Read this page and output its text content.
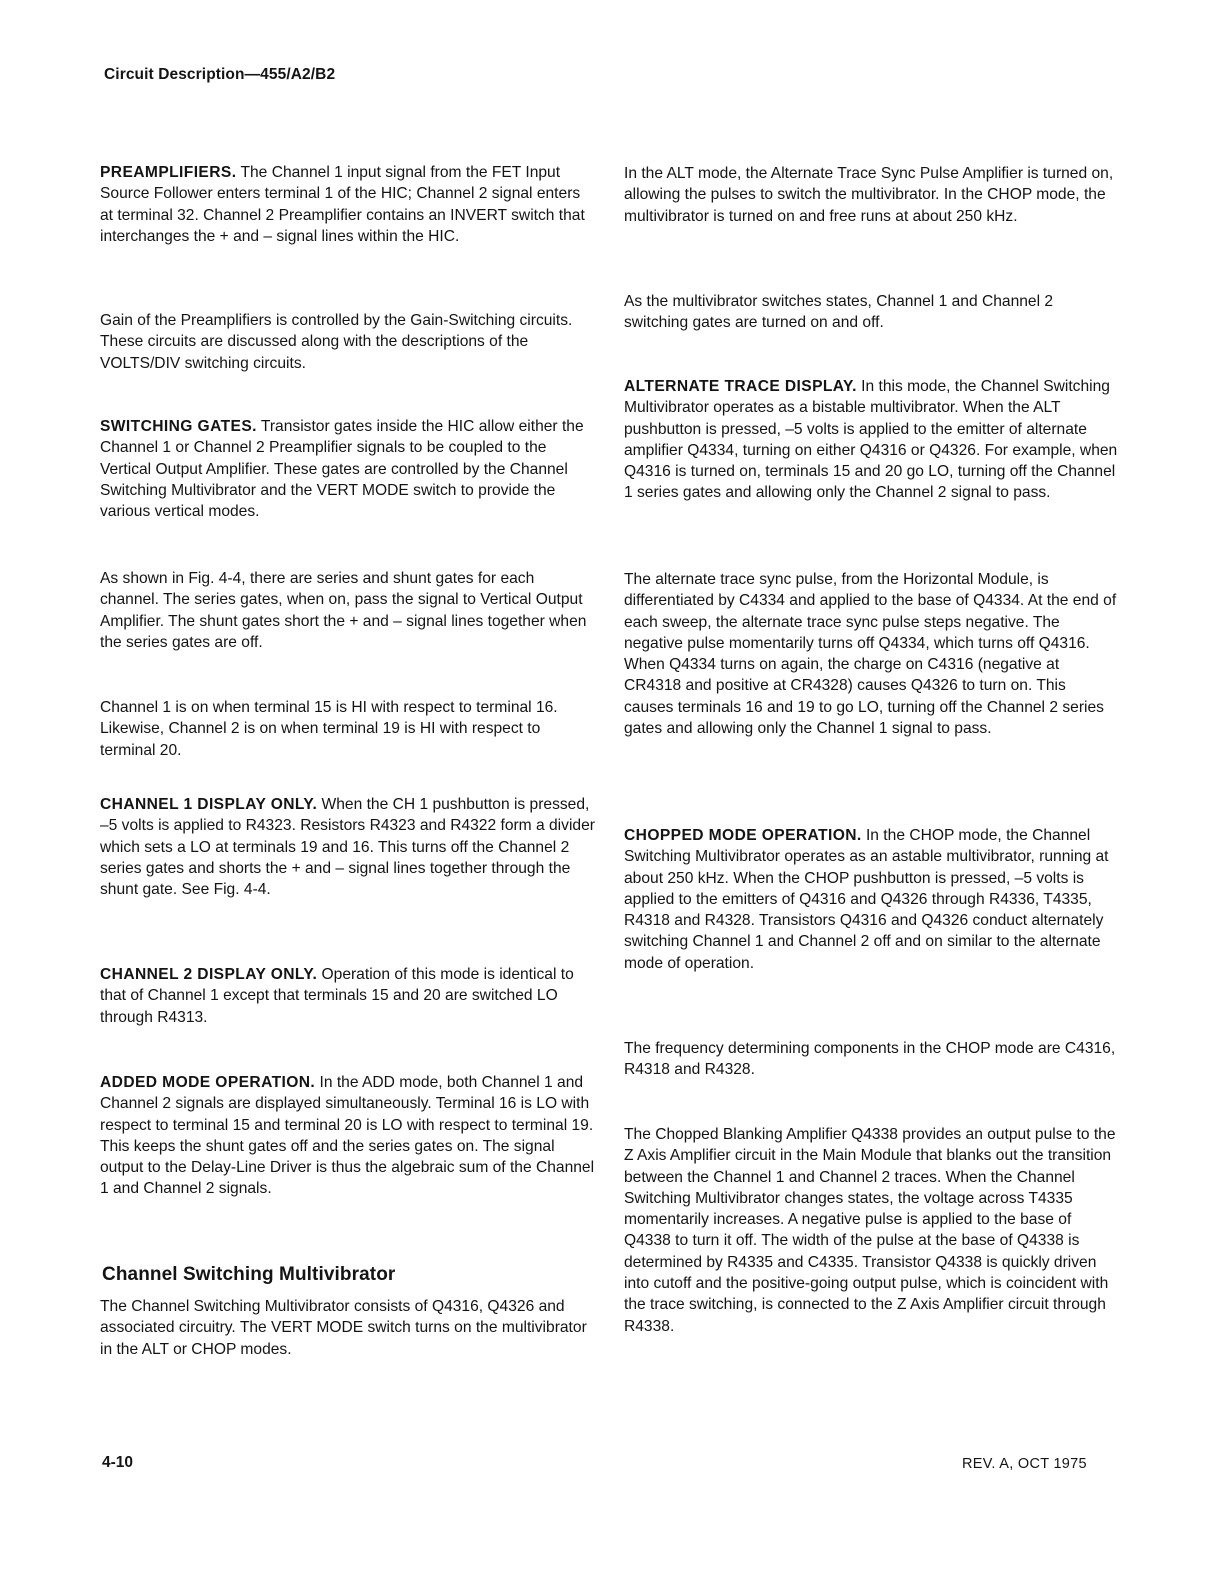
Circuit Description—455/A2/B2

PREAMPLIFIERS. The Channel 1 input signal from the FET Input Source Follower enters terminal 1 of the HIC; Channel 2 signal enters at terminal 32. Channel 2 Preamplifier contains an INVERT switch that interchanges the + and – signal lines within the HIC.

Gain of the Preamplifiers is controlled by the Gain-Switching circuits. These circuits are discussed along with the descriptions of the VOLTS/DIV switching circuits.

SWITCHING GATES. Transistor gates inside the HIC allow either the Channel 1 or Channel 2 Preamplifier signals to be coupled to the Vertical Output Amplifier. These gates are controlled by the Channel Switching Multivibrator and the VERT MODE switch to provide the various vertical modes.

As shown in Fig. 4-4, there are series and shunt gates for each channel. The series gates, when on, pass the signal to Vertical Output Amplifier. The shunt gates short the + and – signal lines together when the series gates are off.

Channel 1 is on when terminal 15 is HI with respect to terminal 16. Likewise, Channel 2 is on when terminal 19 is HI with respect to terminal 20.

CHANNEL 1 DISPLAY ONLY. When the CH 1 pushbutton is pressed, –5 volts is applied to R4323. Resistors R4323 and R4322 form a divider which sets a LO at terminals 19 and 16. This turns off the Channel 2 series gates and shorts the + and – signal lines together through the shunt gate. See Fig. 4-4.

CHANNEL 2 DISPLAY ONLY. Operation of this mode is identical to that of Channel 1 except that terminals 15 and 20 are switched LO through R4313.

ADDED MODE OPERATION. In the ADD mode, both Channel 1 and Channel 2 signals are displayed simultaneously. Terminal 16 is LO with respect to terminal 15 and terminal 20 is LO with respect to terminal 19. This keeps the shunt gates off and the series gates on. The signal output to the Delay-Line Driver is thus the algebraic sum of the Channel 1 and Channel 2 signals.

Channel Switching Multivibrator

The Channel Switching Multivibrator consists of Q4316, Q4326 and associated circuitry. The VERT MODE switch turns on the multivibrator in the ALT or CHOP modes.

In the ALT mode, the Alternate Trace Sync Pulse Amplifier is turned on, allowing the pulses to switch the multivibrator. In the CHOP mode, the multivibrator is turned on and free runs at about 250 kHz.

As the multivibrator switches states, Channel 1 and Channel 2 switching gates are turned on and off.

ALTERNATE TRACE DISPLAY. In this mode, the Channel Switching Multivibrator operates as a bistable multivibrator. When the ALT pushbutton is pressed, –5 volts is applied to the emitter of alternate amplifier Q4334, turning on either Q4316 or Q4326. For example, when Q4316 is turned on, terminals 15 and 20 go LO, turning off the Channel 1 series gates and allowing only the Channel 2 signal to pass.

The alternate trace sync pulse, from the Horizontal Module, is differentiated by C4334 and applied to the base of Q4334. At the end of each sweep, the alternate trace sync pulse steps negative. The negative pulse momentarily turns off Q4334, which turns off Q4316. When Q4334 turns on again, the charge on C4316 (negative at CR4318 and positive at CR4328) causes Q4326 to turn on. This causes terminals 16 and 19 to go LO, turning off the Channel 2 series gates and allowing only the Channel 1 signal to pass.

CHOPPED MODE OPERATION. In the CHOP mode, the Channel Switching Multivibrator operates as an astable multivibrator, running at about 250 kHz. When the CHOP pushbutton is pressed, –5 volts is applied to the emitters of Q4316 and Q4326 through R4336, T4335, R4318 and R4328. Transistors Q4316 and Q4326 conduct alternately switching Channel 1 and Channel 2 off and on similar to the alternate mode of operation.

The frequency determining components in the CHOP mode are C4316, R4318 and R4328.

The Chopped Blanking Amplifier Q4338 provides an output pulse to the Z Axis Amplifier circuit in the Main Module that blanks out the transition between the Channel 1 and Channel 2 traces. When the Channel Switching Multivibrator changes states, the voltage across T4335 momentarily increases. A negative pulse is applied to the base of Q4338 to turn it off. The width of the pulse at the base of Q4338 is determined by R4335 and C4335. Transistor Q4338 is quickly driven into cutoff and the positive-going output pulse, which is coincident with the trace switching, is connected to the Z Axis Amplifier circuit through R4338.

4-10	REV. A, OCT 1975
